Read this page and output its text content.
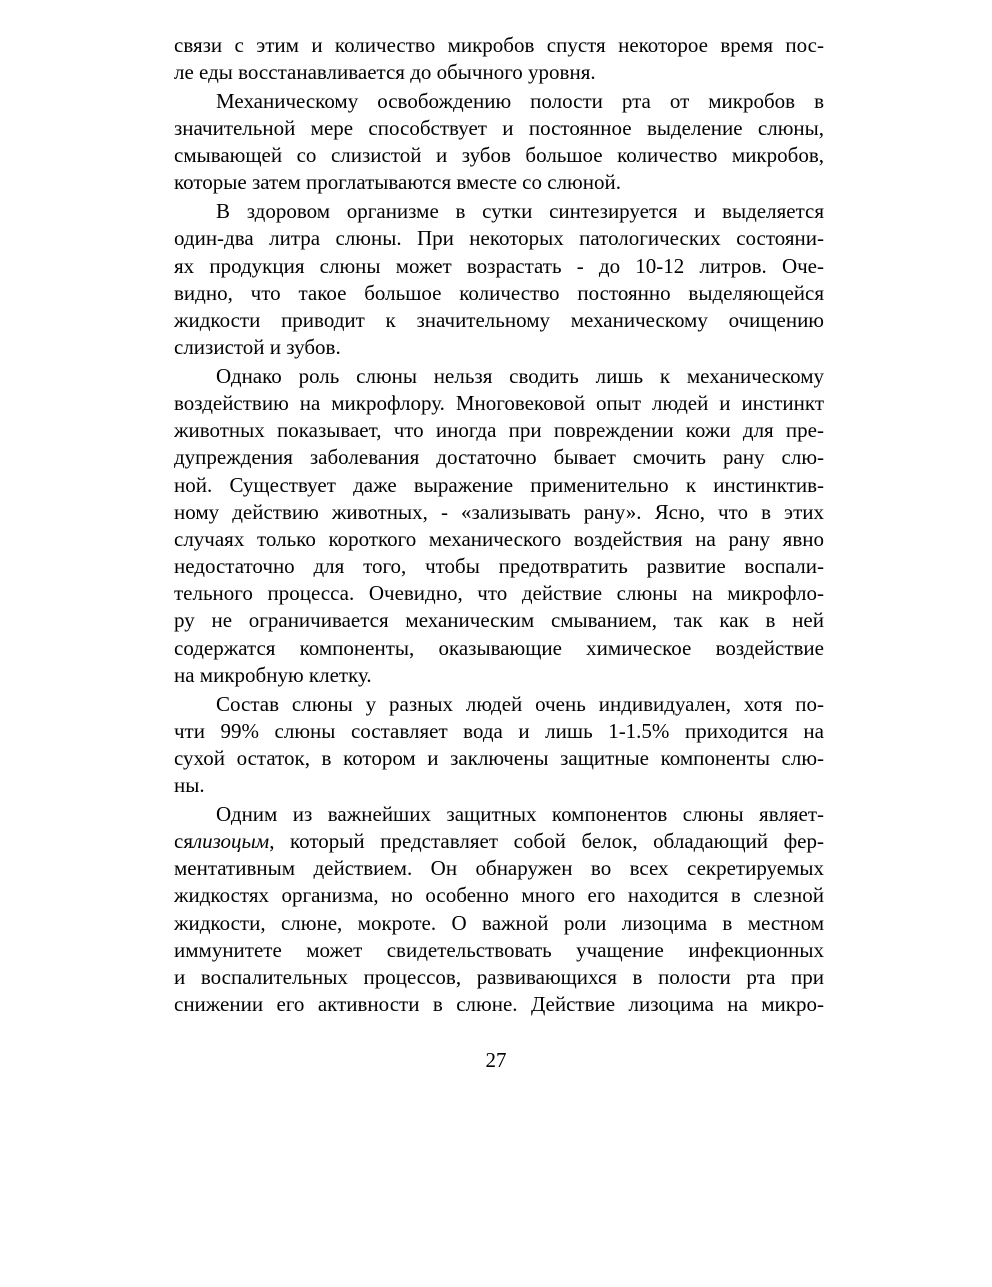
связи с этим и количество микробов спустя некоторое время пос-
ле еды восстанавливается до обычного уровня.
Механическому освобождению полости рта от микробов в
значительной мере способствует и постоянное выделение слюны,
смывающей со слизистой и зубов большое количество микробов,
которые затем проглатываются вместе со слюной.
В здоровом организме в сутки синтезируется и выделяется
один-два литра слюны. При некоторых патологических состояни-
ях продукция слюны может возрастать - до 10-12 литров. Оче-
видно, что такое большое количество постоянно выделяющейся
жидкости приводит к значительному механическому очищению
слизистой и зубов.
Однако роль слюны нельзя сводить лишь к механическому
воздействию на микрофлору. Многовековой опыт людей и инстинкт
животных показывает, что иногда при повреждении кожи для пре-
дупреждения заболевания достаточно бывает смочить рану слю-
ной. Существует даже выражение применительно к инстинктив-
ному действию животных, - «зализывать рану». Ясно, что в этих
случаях только короткого механического воздействия на рану явно
недостаточно для того, чтобы предотвратить развитие воспали-
тельного процесса. Очевидно, что действие слюны на микрофло-
ру не ограничивается механическим смыванием, так как в ней
содержатся компоненты, оказывающие химическое воздействие
на микробную клетку.
Состав слюны у разных людей очень индивидуален, хотя по-
чти 99% слюны составляет вода и лишь 1-1.5% приходится на
сухой остаток, в котором и заключены защитные компоненты слю-
ны.
Одним из важнейших защитных компонентов слюны являет-
сялизоцым, который представляет собой белок, обладающий фер-
ментативным действием. Он обнаружен во всех секретируемых
жидкостях организма, но особенно много его находится в слезной
жидкости, слюне, мокроте. О важной роли лизоцима в местном
иммунитете может свидетельствовать учащение инфекционных
и воспалительных процессов, развивающихся в полости рта при
снижении его активности в слюне. Действие лизоцима на микро-
27
